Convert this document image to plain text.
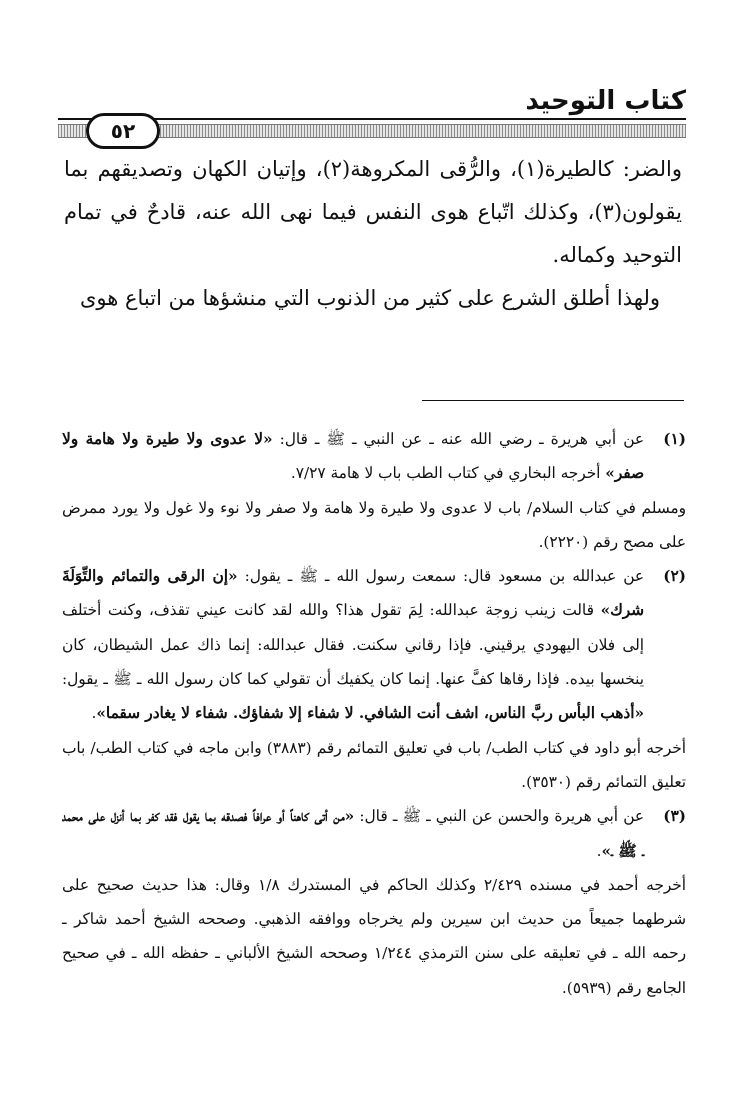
كتاب التوحيد
٥٢

والضر: كالطيرة(١)، والرُّقى المكروهة(٢)، وإتيان الكهان وتصديقهم بما يقولون(٣)، وكذلك اتّباع هوى النفس فيما نهى الله عنه، قادحٌ في تمام التوحيد وكماله.

ولهذا أطلق الشرع على كثير من الذنوب التي منشؤها من اتباع هوى

(١)

عن أبي هريرة ـ رضي الله عنه ـ عن النبي ـ ﷺ ـ قال: «لا عدوى ولا طيرة ولا هامة ولا صفر» أخرجه البخاري في كتاب الطب باب لا هامة ٧/٢٧.

ومسلم في كتاب السلام/ باب لا عدوى ولا طيرة ولا هامة ولا صفر ولا نوء ولا غول ولا يورد ممرض على مصح رقم (٢٢٢٠).

(٢)

عن عبدالله بن مسعود قال: سمعت رسول الله ـ ﷺ ـ يقول: «إن الرقى والتمائم والتِّوَلَةَ شرك» قالت زينب زوجة عبدالله: لِمَ تقول هذا؟ والله لقد كانت عيني تقذف، وكنت أختلف إلى فلان اليهودي يرقيني. فإذا رقاني سكنت. فقال عبدالله: إنما ذاك عمل الشيطان، كان ينخسها بيده. فإذا رقاها كفَّ عنها. إنما كان يكفيك أن تقولي كما كان رسول الله ـ ﷺ ـ يقول: «أذهب البأس ربَّ الناس، اشف أنت الشافي. لا شفاء إلا شفاؤك. شفاء لا يغادر سقما».

أخرجه أبو داود في كتاب الطب/ باب في تعليق التمائم رقم (٣٨٨٣) وابن ماجه في كتاب الطب/ باب تعليق التمائم رقم (٣٥٣٠).

(٣)

عن أبي هريرة والحسن عن النبي ـ ﷺ ـ قال: «من أتى كاهناً أو عرافاً فصدقه بما يقول فقد كفر بما أنزل على محمد ـ ﷺ ـ».

أخرجه أحمد في مسنده ٢/٤٢٩ وكذلك الحاكم في المستدرك ١/٨ وقال: هذا حديث صحيح على شرطهما جميعاً من حديث ابن سيرين ولم يخرجاه ووافقه الذهبي. وصححه الشيخ أحمد شاكر ـ رحمه الله ـ في تعليقه على سنن الترمذي ١/٢٤٤ وصححه الشيخ الألباني ـ حفظه الله ـ في صحيح الجامع رقم (٥٩٣٩).
